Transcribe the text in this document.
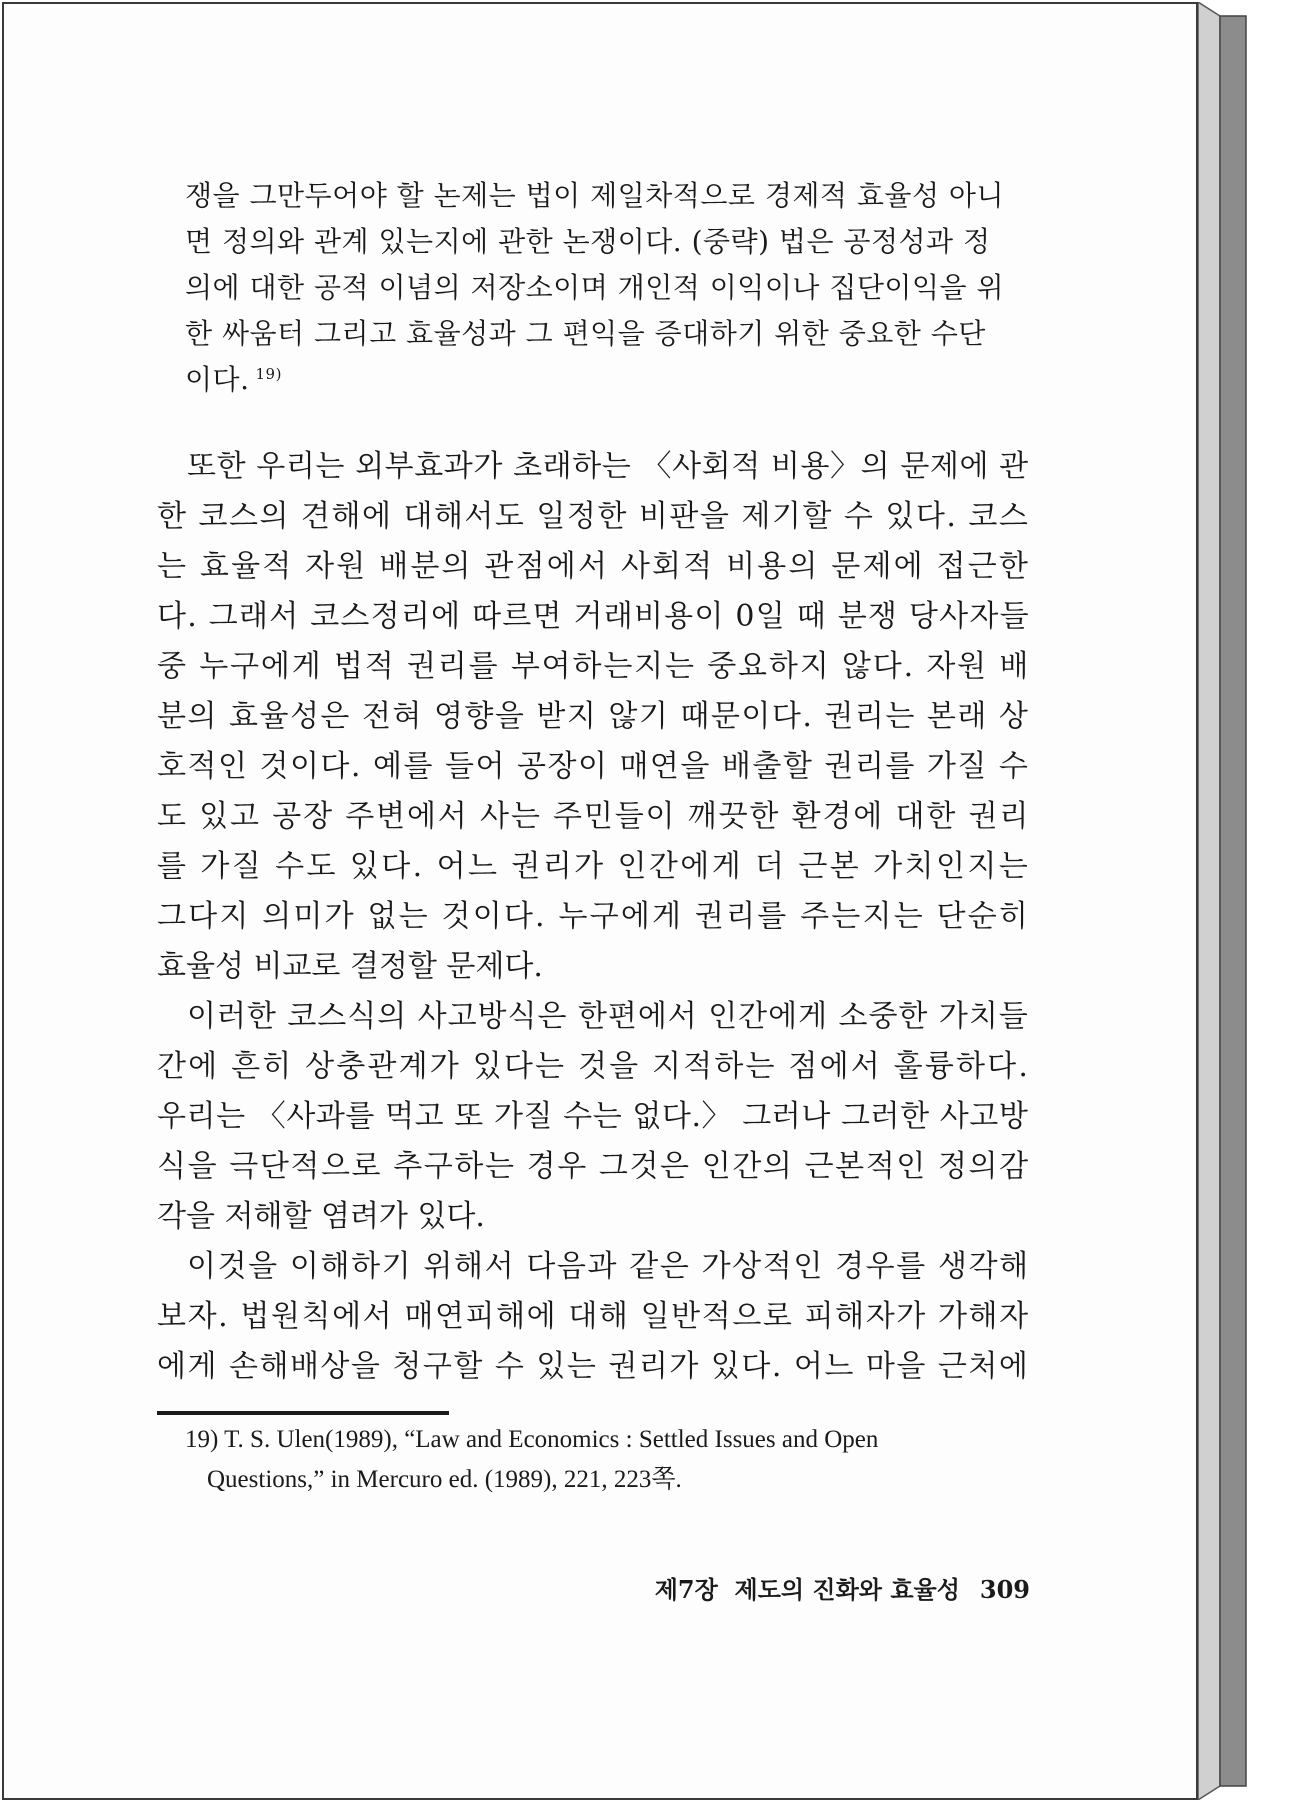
쟁을 그만두어야 할 논제는 법이 제일차적으로 경제적 효율성 아니
면 정의와 관계 있는지에 관한 논쟁이다. (중략) 법은 공정성과 정
의에 대한 공적 이념의 저장소이며 개인적 이익이나 집단이익을 위
한 싸움터 그리고 효율성과 그 편익을 증대하기 위한 중요한 수단
이다. $^{19)}$
또한 우리는 외부효과가 초래하는 〈사회적 비용〉의 문제에 관
한 코스의 견해에 대해서도 일정한 비판을 제기할 수 있다. 코스
는 효율적 자원 배분의 관점에서 사회적 비용의 문제에 접근한
다. 그래서 코스정리에 따르면 거래비용이 0일 때 분쟁 당사자들
중 누구에게 법적 권리를 부여하는지는 중요하지 않다. 자원 배
분의 효율성은 전혀 영향을 받지 않기 때문이다. 권리는 본래 상
호적인 것이다. 예를 들어 공장이 매연을 배출할 권리를 가질 수
도 있고 공장 주변에서 사는 주민들이 깨끗한 환경에 대한 권리
를 가질 수도 있다. 어느 권리가 인간에게 더 근본 가치인지는
그다지 의미가 없는 것이다. 누구에게 권리를 주는지는 단순히
효율성 비교로 결정할 문제다.
이러한 코스식의 사고방식은 한편에서 인간에게 소중한 가치들
간에 흔히 상충관계가 있다는 것을 지적하는 점에서 훌륭하다.
우리는 〈사과를 먹고 또 가질 수는 없다.〉 그러나 그러한 사고방
식을 극단적으로 추구하는 경우 그것은 인간의 근본적인 정의감
각을 저해할 염려가 있다.
이것을 이해하기 위해서 다음과 같은 가상적인 경우를 생각해
보자. 법원칙에서 매연피해에 대해 일반적으로 피해자가 가해자
에게 손해배상을 청구할 수 있는 권리가 있다. 어느 마을 근처에
19) T. S. Ulen(1989), “Law and Economics : Settled Issues and Open
Questions,” in Mercuro ed. (1989), 221, 223쪽.
제7장  제도의 진화와 효율성 309
